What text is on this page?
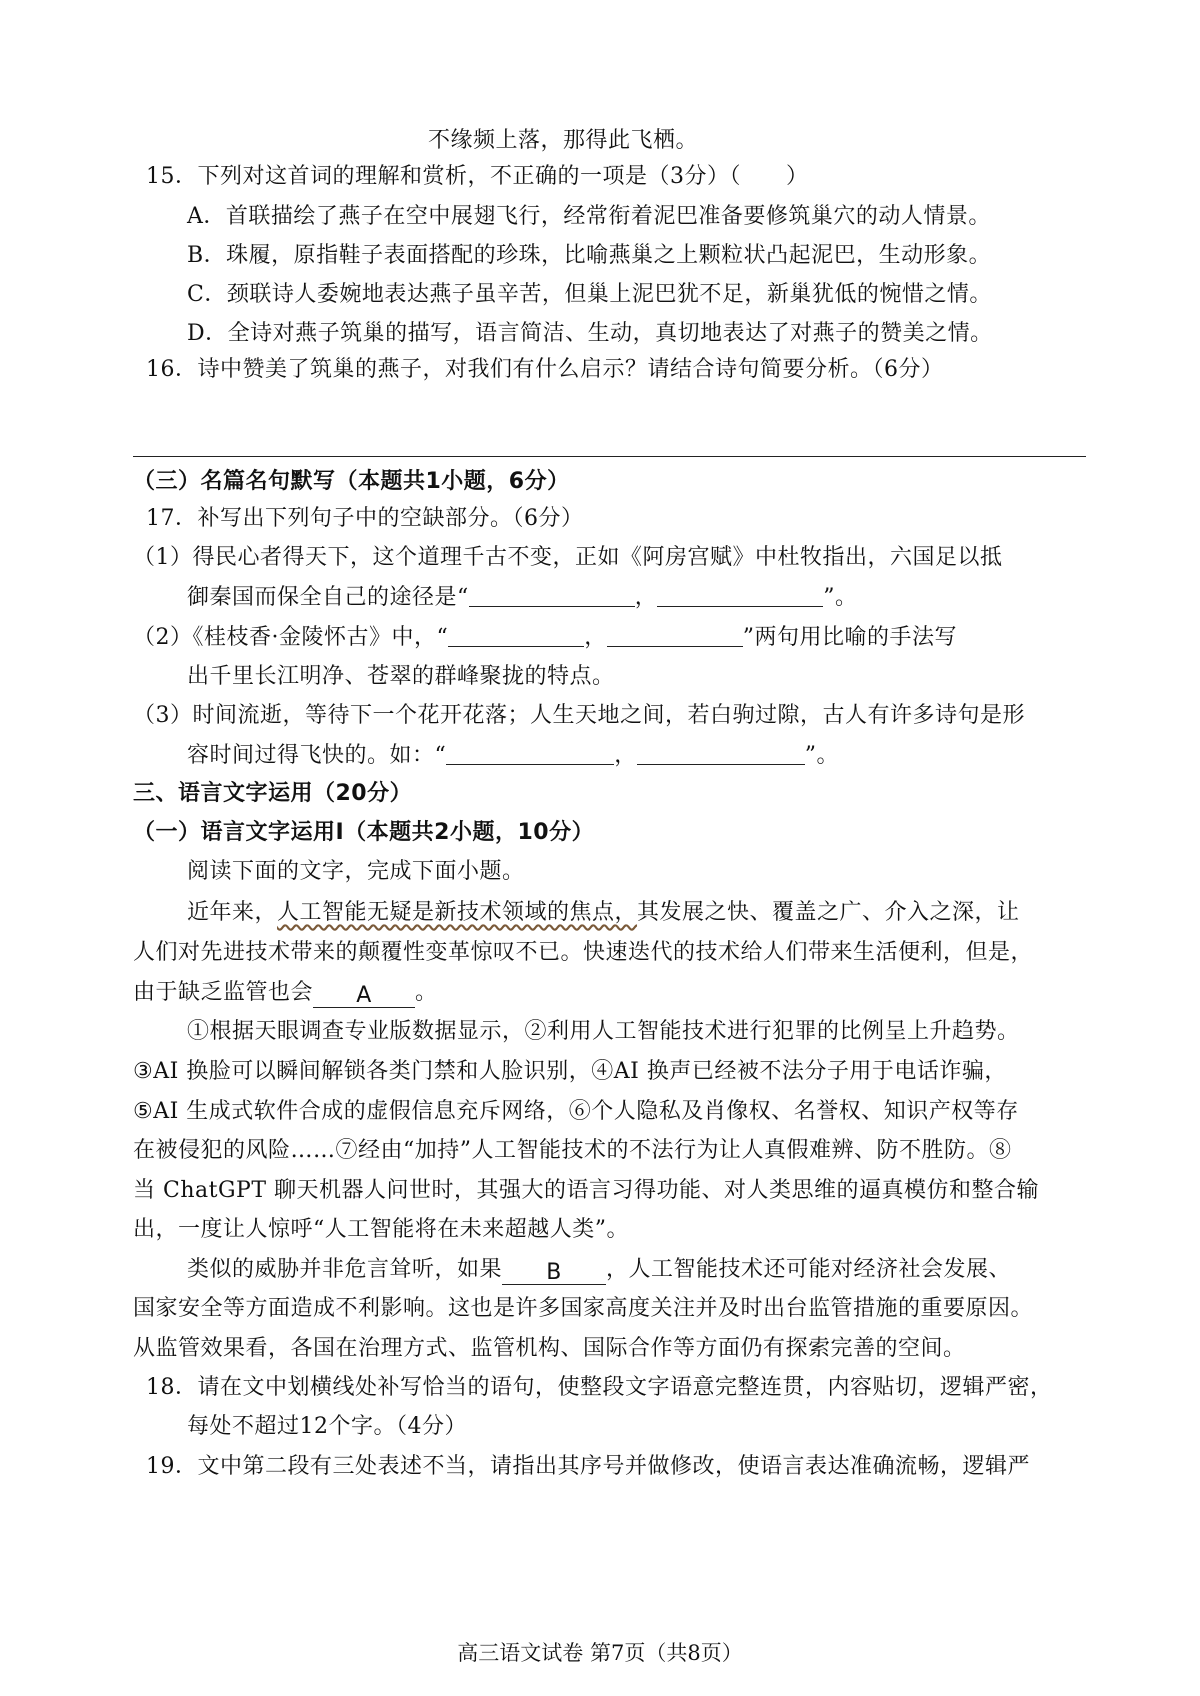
不缘频上落，那得此飞栖。
15．下列对这首词的理解和赏析，不正确的一项是（3分）（　　）
A．首联描绘了燕子在空中展翅飞行，经常衔着泥巴准备要修筑巢穴的动人情景。
B．珠履，原指鞋子表面搭配的珍珠，比喻燕巢之上颗粒状凸起泥巴，生动形象。
C．颈联诗人委婉地表达燕子虽辛苦，但巢上泥巴犹不足，新巢犹低的惋惜之情。
D．全诗对燕子筑巢的描写，语言简洁、生动，真切地表达了对燕子的赞美之情。
16．诗中赞美了筑巢的燕子，对我们有什么启示？请结合诗句简要分析。（6分）
（三）名篇名句默写（本题共1小题，6分）
17．补写出下列句子中的空缺部分。（6分）
（1）得民心者得天下，这个道理千古不变，正如《阿房宫赋》中杜牧指出，六国足以抵
御秦国而保全自己的途径是“	，	”。
（2）《桂枝香·金陵怀古》中，“	，	”两句用比喻的手法写
出千里长江明净、苍翠的群峰聚拢的特点。
（3）时间流逝，等待下一个花开花落；人生天地之间，若白驹过隙，古人有许多诗句是形
容时间过得飞快的。如：“	，	”。
三、语言文字运用（20分）
（一）语言文字运用Ⅰ（本题共2小题，10分）
阅读下面的文字，完成下面小题。
近年来，人工智能无疑是新技术领域的焦点，其发展之快、覆盖之广、介入之深，让
人们对先进技术带来的颠覆性变革惊叹不已。快速迭代的技术给人们带来生活便利，但是，
由于缺乏监管也会 A 。
①根据天眼调查专业版数据显示，②利用人工智能技术进行犯罪的比例呈上升趋势。
③AI 换脸可以瞬间解锁各类门禁和人脸识别，④AI 换声已经被不法分子用于电话诈骗，
⑤AI 生成式软件合成的虚假信息充斥网络，⑥个人隐私及肖像权、名誉权、知识产权等存
在被侵犯的风险……⑦经由“加持”人工智能技术的不法行为让人真假难辨、防不胜防。⑧
当 ChatGPT 聊天机器人问世时，其强大的语言习得功能、对人类思维的逼真模仿和整合输
出，一度让人惊呼“人工智能将在未来超越人类”。
类似的威胁并非危言耸听，如果 B ，人工智能技术还可能对经济社会发展、
国家安全等方面造成不利影响。这也是许多国家高度关注并及时出台监管措施的重要原因。
从监管效果看，各国在治理方式、监管机构、国际合作等方面仍有探索完善的空间。
18．请在文中划横线处补写恰当的语句，使整段文字语意完整连贯，内容贴切，逻辑严密，
每处不超过12个字。（4分）
19．文中第二段有三处表述不当，请指出其序号并做修改，使语言表达准确流畅，逻辑严
高三语文试卷 第7页（共8页）
